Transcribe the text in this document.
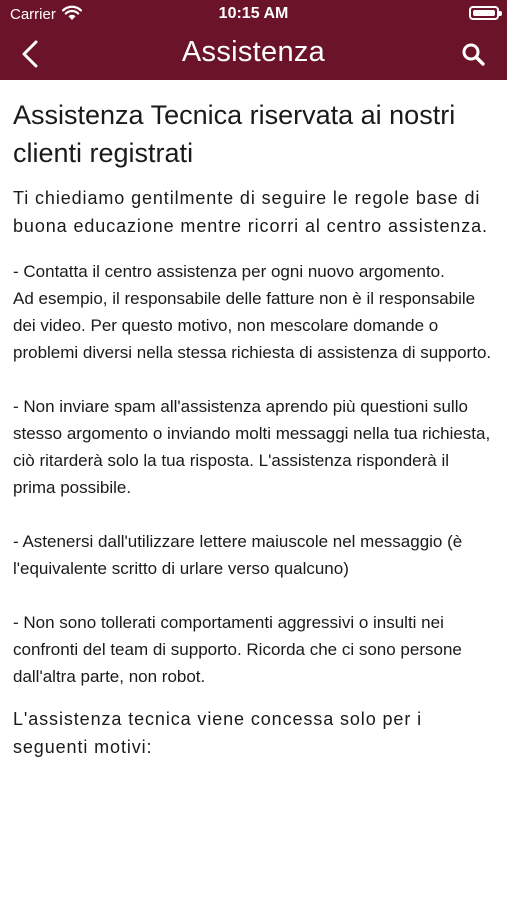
Carrier	10:15 AM
Assistenza
Assistenza Tecnica riservata ai nostri clienti registrati

Ti chiediamo gentilmente di seguire le regole base di buona educazione mentre ricorri al centro assistenza.

- Contatta il centro assistenza per ogni nuovo argomento.
Ad esempio, il responsabile delle fatture non è il responsabile dei video. Per questo motivo, non mescolare domande o problemi diversi nella stessa richiesta di assistenza di supporto.

- Non inviare spam all'assistenza aprendo più questioni sullo stesso argomento o inviando molti messaggi nella tua richiesta, ciò ritarderà solo la tua risposta. L'assistenza risponderà il prima possibile.

- Astenersi dall'utilizzare lettere maiuscole nel messaggio (è l'equivalente scritto di urlare verso qualcuno)

- Non sono tollerati comportamenti aggressivi o insulti nei confronti del team di supporto. Ricorda che ci sono persone dall'altra parte, non robot.

L'assistenza tecnica viene concessa solo per i seguenti motivi:
